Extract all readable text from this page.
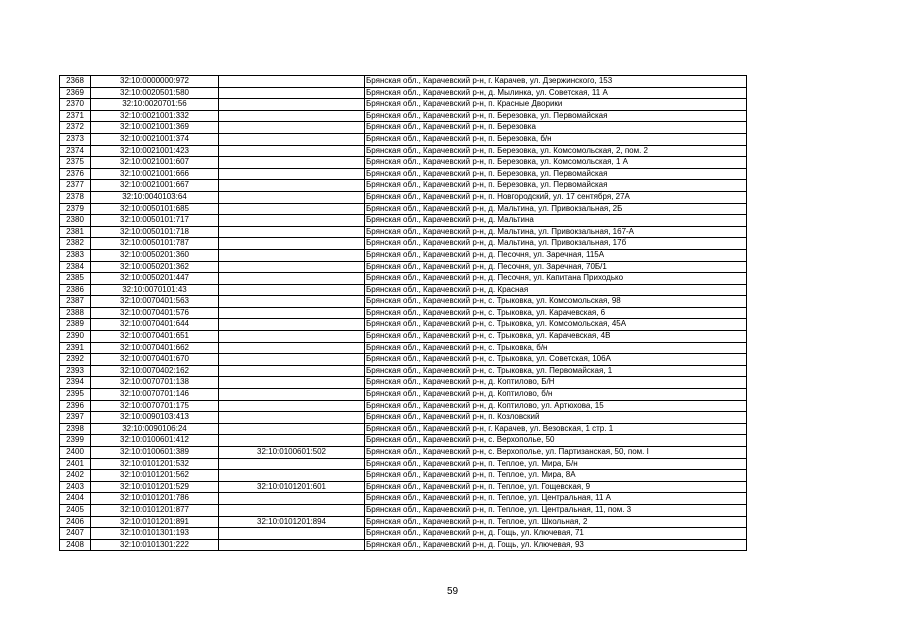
2368	32:10:0000000:972		Брянская обл., Карачевский р-н, г. Карачев, ул. Дзержинского, 153
2369	32:10:0020501:580		Брянская обл., Карачевский р-н, д. Мылинка, ул. Советская, 11 А
2370	32:10:0020701:56		Брянская обл., Карачевский р-н, п. Красные Дворики
2371	32:10:0021001:332		Брянская обл., Карачевский р-н, п. Березовка, ул. Первомайская
2372	32:10:0021001:369		Брянская обл., Карачевский р-н, п. Березовка
2373	32:10:0021001:374		Брянская обл., Карачевский р-н, п. Березовка, б/н
2374	32:10:0021001:423		Брянская обл., Карачевский р-н, п. Березовка, ул. Комсомольская, 2, пом. 2
2375	32:10:0021001:607		Брянская обл., Карачевский р-н, п. Березовка, ул. Комсомольская, 1 А
2376	32:10:0021001:666		Брянская обл., Карачевский р-н, п. Березовка, ул. Первомайская
2377	32:10:0021001:667		Брянская обл., Карачевский р-н, п. Березовка, ул. Первомайская
2378	32:10:0040103:64		Брянская обл., Карачевский р-н, п. Новгородский, ул. 17 сентября, 27А
2379	32:10:0050101:685		Брянская обл., Карачевский р-н, д. Мальтина, ул. Привокзальная, 2Б
2380	32:10:0050101:717		Брянская обл., Карачевский р-н, д. Мальтина
2381	32:10:0050101:718		Брянская обл., Карачевский р-н, д. Мальтина, ул. Привокзальная, 167-А
2382	32:10:0050101:787		Брянская обл., Карачевский р-н, д. Мальтина, ул. Привокзальная, 17б
2383	32:10:0050201:360		Брянская обл., Карачевский р-н, д. Песочня, ул. Заречная, 115А
2384	32:10:0050201:362		Брянская обл., Карачевский р-н, д. Песочня, ул. Заречная, 70Б/1
2385	32:10:0050201:447		Брянская обл., Карачевский р-н, д. Песочня, ул. Капитана Приходько
2386	32:10:0070101:43		Брянская обл., Карачевский р-н, д. Красная
2387	32:10:0070401:563		Брянская обл., Карачевский р-н, с. Трыковка, ул. Комсомольская, 98
2388	32:10:0070401:576		Брянская обл., Карачевский р-н, с. Трыковка, ул. Карачевская, 6
2389	32:10:0070401:644		Брянская обл., Карачевский р-н, с. Трыковка, ул. Комсомольская, 45А
2390	32:10:0070401:651		Брянская обл., Карачевский р-н, с. Трыковка, ул. Карачевская, 4В
2391	32:10:0070401:662		Брянская обл., Карачевский р-н, с. Трыковка, б/н
2392	32:10:0070401:670		Брянская обл., Карачевский р-н, с. Трыковка, ул. Советская, 106А
2393	32:10:0070402:162		Брянская обл., Карачевский р-н, с. Трыковка, ул. Первомайская, 1
2394	32:10:0070701:138		Брянская обл., Карачевский р-н, д. Коптилово, Б/Н
2395	32:10:0070701:146		Брянская обл., Карачевский р-н, д. Коптилово, б/н
2396	32:10:0070701:175		Брянская обл., Карачевский р-н, д. Коптилово, ул. Артюхова, 15
2397	32:10:0090103:413		Брянская обл., Карачевский р-н, п. Козловский
2398	32:10:0090106:24		Брянская обл., Карачевский р-н, г. Карачев, ул. Везовская, 1 стр. 1
2399	32:10:0100601:412		Брянская обл., Карачевский р-н, с. Верхополье, 50
2400	32:10:0100601:389	32:10:0100601:502	Брянская обл., Карачевский р-н, с. Верхополье, ул. Партизанская, 50, пом. I
2401	32:10:0101201:532		Брянская обл., Карачевский р-н, п. Теплое, ул. Мира, Б/н
2402	32:10:0101201:562		Брянская обл., Карачевский р-н, п. Теплое, ул. Мира, 8А
2403	32:10:0101201:529	32:10:0101201:601	Брянская обл., Карачевский р-н, п. Теплое, ул. Гощевская, 9
2404	32:10:0101201:786		Брянская обл., Карачевский р-н, п. Теплое, ул. Центральная, 11 А
2405	32:10:0101201:877		Брянская обл., Карачевский р-н, п. Теплое, ул. Центральная, 11, пом. 3
2406	32:10:0101201:891	32:10:0101201:894	Брянская обл., Карачевский р-н, п. Теплое, ул. Школьная, 2
2407	32:10:0101301:193		Брянская обл., Карачевский р-н, д. Гощь, ул. Ключевая, 71
2408	32:10:0101301:222		Брянская обл., Карачевский р-н, д. Гощь, ул. Ключевая, 93
59
